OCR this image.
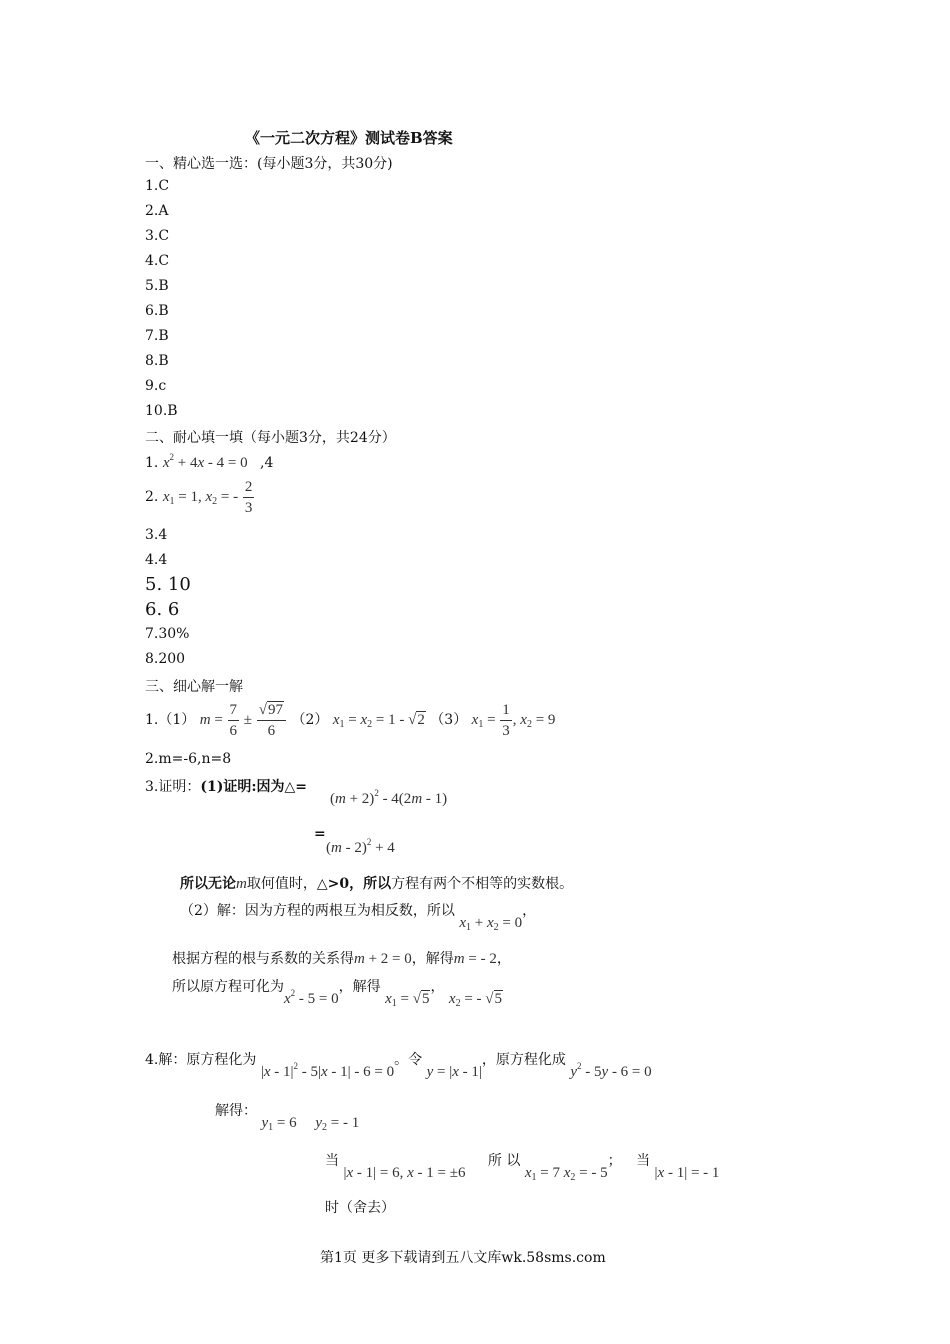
《一元二次方程》测试卷B答案
一、精心选一选：(每小题3分，共30分)
1.C
2.A
3.C
4.C
5.B
6.B
7.B
8.B
9.c
10.B
二、耐心填一填（每小题3分，共24分）
1. $x^2 + 4x - 4 = 0$ ,4
2. $x_1 = 1$, $x_2$ = - $\frac{2}{3}$
3.4
4.4
5. 10
6. 6
7.30%
8.200
三、细心解一解
1.（1） $m = \frac{7}{6} \pm \frac{√97}{6} (2) x_1 = x_2 = 1 - √2$ （3） $x_1 = \frac{1}{3}$ , $x_2 = 9$
2.m=-6,n=8
3.证明：(1)证明:因为△=
$(m + 2)^2 - 4(2m - 1)$
=
(m - 2)$^2$ + 4
所以无论m取何值时，△>0，所以方程有两个不相等的实数根。
（2）解：因为方程的两根互为相反数，所以 $x_1 + x_2 = 0$，
根据方程的根与系数的关系得m + 2 = 0，解得m = - 2，
所以原方程可化为$x^2 - 5 = 0$，解得 $x_1 = √5$， $x_2$ = - √5
4.解：原方程化为 $|x - 1|^2 - 5|x - 1| - 6 = 0$。令 y = |x - 1|，原方程化成 $y^2 - 5y - 6 = 0$
解得： $y_1 = 6$     $y_2$ = - 1
当 |x - 1| = 6, x - 1 = ±6 所 以 $x_1 = 7$ $x_2$ = - 5； 当 |x - 1| = - 1
时（舍去）
第1页 更多下载请到五八文库wk.58sms.com
